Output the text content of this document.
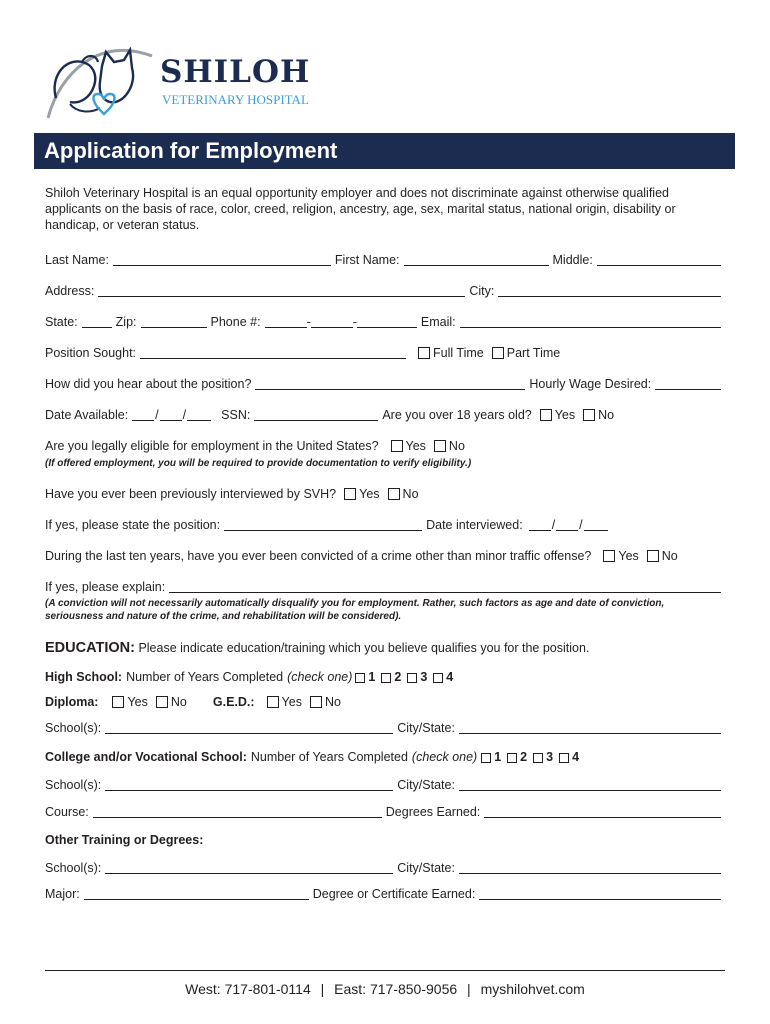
SHILOH
VETERINARY HOSPITAL
Application for Employment
Shiloh Veterinary Hospital is an equal opportunity employer and does not discriminate against otherwise qualified applicants on the basis of race, color, creed, religion, ancestry, age, sex, marital status, national origin, disability or handicap, or veteran status.
Last Name:	First Name:	Middle:
Address:	City:
State:	Zip:	Phone #:	-	-	Email:
Position Sought:	Full Time Part Time
How did you hear about the position?	Hourly Wage Desired:
Date Available: / /	SSN:	Are you over 18 years old? Yes No
Are you legally eligible for employment in the United States? Yes No
(If offered employment, you will be required to provide documentation to verify eligibility.)
Have you ever been previously interviewed by SVH? Yes No
If yes, please state the position:	Date interviewed: / /
During the last ten years, have you ever been convicted of a crime other than minor traffic offense? Yes No
If yes, please explain:
(A conviction will not necessarily automatically disqualify you for employment. Rather, such factors as age and date of conviction, seriousness and nature of the crime, and rehabilitation will be considered).
EDUCATION: Please indicate education/training which you believe qualifies you for the position.
High School: Number of Years Completed (check one) 1 2 3 4
Diploma: Yes No G.E.D.: Yes No
School(s):	City/State:
College and/or Vocational School: Number of Years Completed (check one) 1 2 3 4
School(s):	City/State:
Course:	Degrees Earned:
Other Training or Degrees:
School(s):	City/State:
Major:	Degree or Certificate Earned:
West: 717-801-0114 | East: 717-850-9056 | myshilohvet.com
